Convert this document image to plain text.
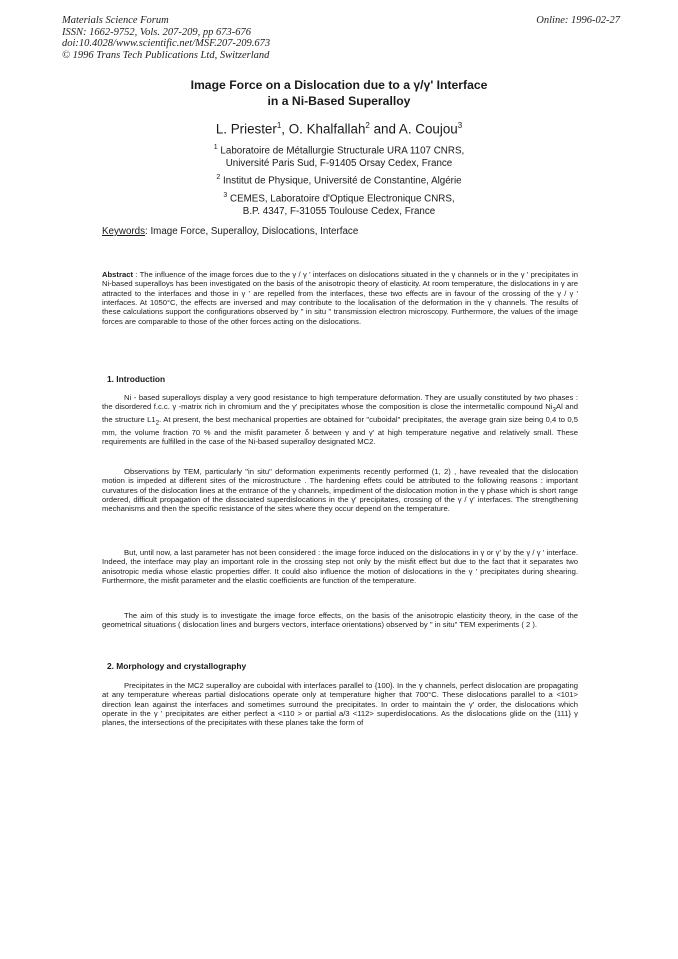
Materials Science Forum
ISSN: 1662-9752, Vols. 207-209, pp 673-676
doi:10.4028/www.scientific.net/MSF.207-209.673
© 1996 Trans Tech Publications Ltd, Switzerland
Online: 1996-02-27
Image Force on a Dislocation due to a γ/γ' Interface
in a Ni-Based Superalloy
L. Priester$^1$, O. Khalfallah$^2$ and A. Coujou$^3$
$^1$ Laboratoire de Métallurgie Structurale URA 1107 CNRS,
Université Paris Sud, F-91405 Orsay Cedex, France
$^2$ Institut de Physique, Université de Constantine, Algérie
$^3$ CEMES, Laboratoire d'Optique Electronique CNRS,
B.P. 4347, F-31055 Toulouse Cedex, France
Keywords: Image Force, Superalloy, Dislocations, Interface

Abstract : The influence of the image forces due to the γ / γ ' interfaces on dislocations situated in the γ channels or in the γ ' precipitates in Ni-based superalloys has been investigated on the basis of the anisotropic theory of elasticity. At room temperature, the dislocations in γ are attracted to the interfaces and those in γ ' are repelled from the interfaces, these two effects are in favour of the crossing of the γ / γ ' interfaces. At 1050°C, the effects are inversed and may contribute to the localisation of the deformation in the γ channels. The results of these calculations support the configurations observed by " in situ " transmission electron microscopy. Furthermore, the values of the image forces are comparable to those of the other forces acting on the dislocations.

1. Introduction

Ni - based superalloys display a very good resistance to high temperature deformation. They are usually constituted by two phases : the disordered f.c.c. γ -matrix rich in chromium and the γ' precipitates whose the composition is close the intermetallic compound $Ni_3Al$ and the structure $L1_2$. At present, the best mechanical properties are obtained for "cuboidal" precipitates, the average grain size being 0,4 to 0,5 mm, the volume fraction 70 % and the misfit parameter δ between γ and γ' at high temperature negative and relatively small. These requirements are fulfilled in the case of the Ni-based superalloy designated MC2.

Observations by TEM, particularly "in situ" deformation experiments recently performed (1, 2) , have revealed that the dislocation motion is impeded at different sites of the microstructure . The hardening effets could be attributed to the following reasons : important curvatures of the dislocation lines at the entrance of the γ channels, impediment of the dislocation motion in the γ phase which is short range ordered, difficult propagation of the dissociated superdislocations in the γ' precipitates, crossing of the γ / γ' interfaces. The strengthening mechanisms and then the specific resistance of the sites where they occur depend on the temperature.

But, until now, a last parameter has not been considered : the image force induced on the dislocations in γ or γ' by the γ / γ ' interface. Indeed, the interface may play an important role in the crossing step not only by the misfit effect but due to the fact that it separates two anisotropic media whose elastic properties differ. It could also influence the motion of dislocations in the γ ' precipitates during shearing. Furthermore, the misfit parameter and the elastic coefficients are function of the temperature.

The aim of this study is to investigate the image force effects, on the basis of the anisotropic elasticity theory, in the case of the geometrical situations ( dislocation lines and burgers vectors, interface orientations) observed by " in situ" TEM experiments ( 2 ).

2. Morphology and crystallography

Precipitates in the MC2 superalloy are cuboidal with interfaces parallel to {100}. In the γ channels, perfect dislocation are propagating at any temperature whereas partial dislocations operate only at temperature higher that 700°C. These dislocations parallel to a <101> direction lean against the interfaces and sometimes surround the precipitates. In order to maintain the γ' order, the dislocations which operate in the γ ' precipitates are either perfect a <110 > or partial a/3 <112> superdislocations. As the dislocations glide on the {111} γ planes, the intersections of the precipitates with these planes take the form of
